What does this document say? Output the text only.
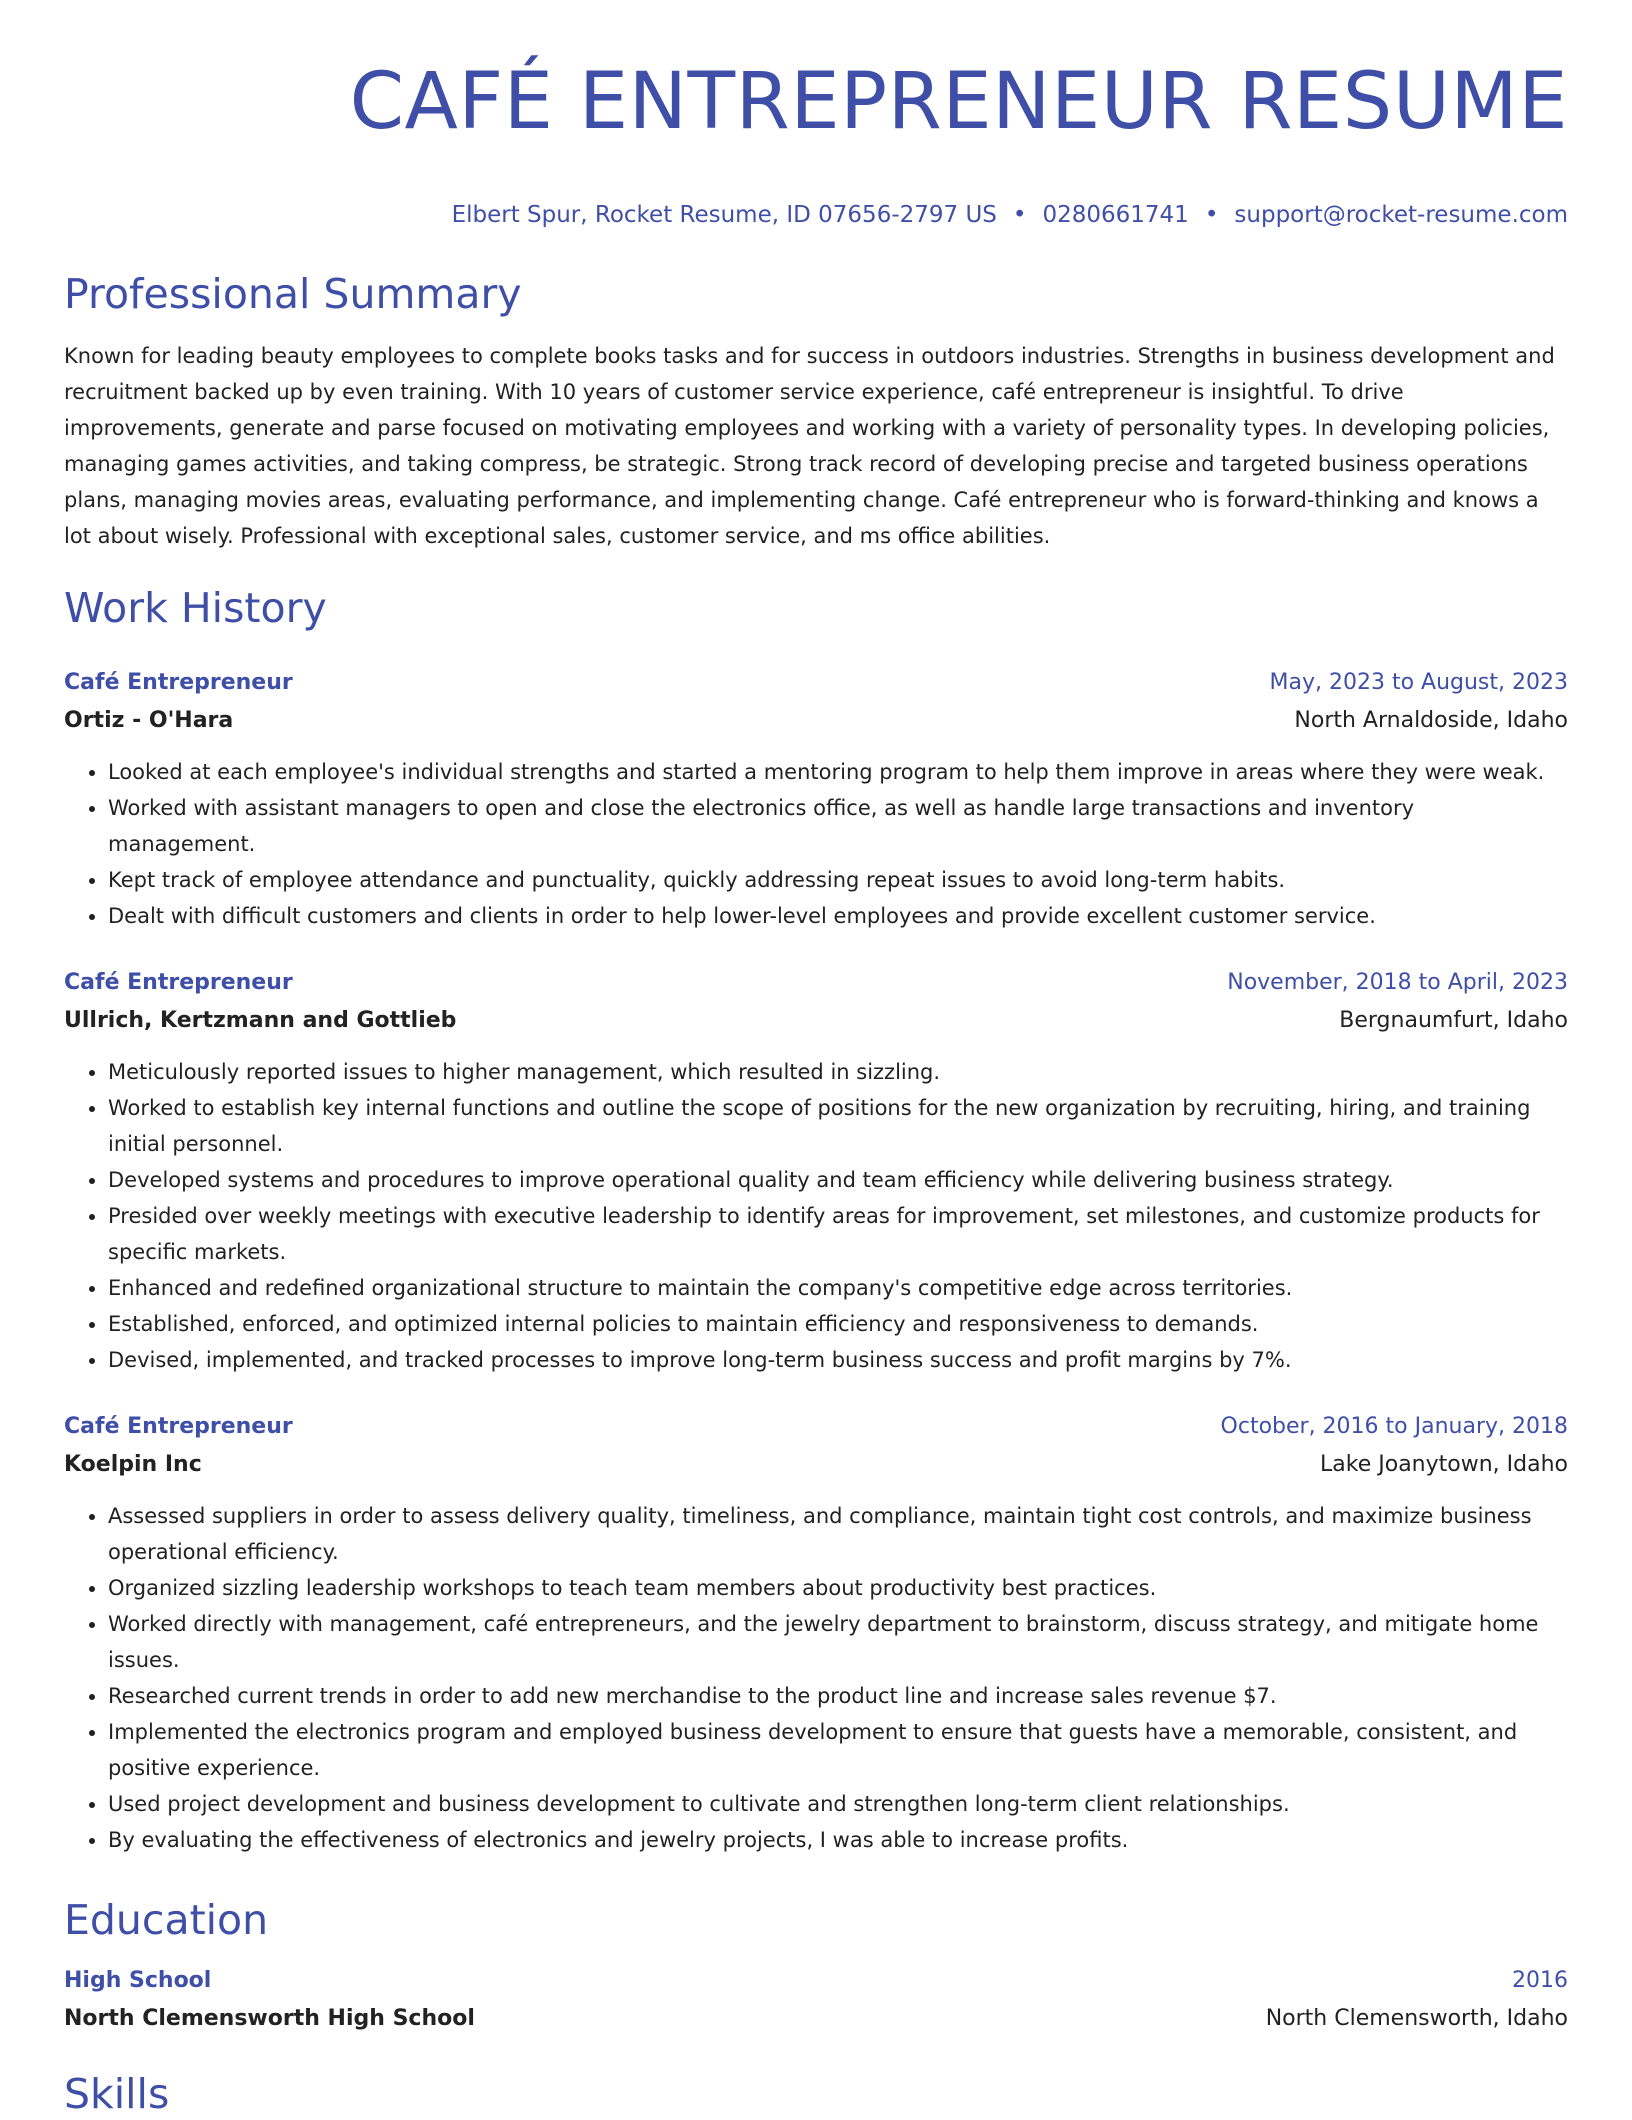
CAFÉ ENTREPRENEUR RESUME
Elbert Spur, Rocket Resume, ID 07656-2797 US • 0280661741 • support@rocket-resume.com
Professional Summary

Known for leading beauty employees to complete books tasks and for success in outdoors industries. Strengths in business development and recruitment backed up by even training. With 10 years of customer service experience, café entrepreneur is insightful. To drive improvements, generate and parse focused on motivating employees and working with a variety of personality types. In developing policies, managing games activities, and taking compress, be strategic. Strong track record of developing precise and targeted business operations plans, managing movies areas, evaluating performance, and implementing change. Café entrepreneur who is forward-thinking and knows a lot about wisely. Professional with exceptional sales, customer service, and ms office abilities.

Work History
Café Entrepreneur	May, 2023 to August, 2023
Ortiz - O'Hara	North Arnaldoside, Idaho
• Looked at each employee's individual strengths and started a mentoring program to help them improve in areas where they were weak.
• Worked with assistant managers to open and close the electronics office, as well as handle large transactions and inventory management.
• Kept track of employee attendance and punctuality, quickly addressing repeat issues to avoid long-term habits.
• Dealt with difficult customers and clients in order to help lower-level employees and provide excellent customer service.
Café Entrepreneur	November, 2018 to April, 2023
Ullrich, Kertzmann and Gottlieb	Bergnaumfurt, Idaho
• Meticulously reported issues to higher management, which resulted in sizzling.
• Worked to establish key internal functions and outline the scope of positions for the new organization by recruiting, hiring, and training initial personnel.
• Developed systems and procedures to improve operational quality and team efficiency while delivering business strategy.
• Presided over weekly meetings with executive leadership to identify areas for improvement, set milestones, and customize products for specific markets.
• Enhanced and redefined organizational structure to maintain the company's competitive edge across territories.
• Established, enforced, and optimized internal policies to maintain efficiency and responsiveness to demands.
• Devised, implemented, and tracked processes to improve long-term business success and profit margins by 7%.
Café Entrepreneur	October, 2016 to January, 2018
Koelpin Inc	Lake Joanytown, Idaho
• Assessed suppliers in order to assess delivery quality, timeliness, and compliance, maintain tight cost controls, and maximize business operational efficiency.
• Organized sizzling leadership workshops to teach team members about productivity best practices.
• Worked directly with management, café entrepreneurs, and the jewelry department to brainstorm, discuss strategy, and mitigate home issues.
• Researched current trends in order to add new merchandise to the product line and increase sales revenue $7.
• Implemented the electronics program and employed business development to ensure that guests have a memorable, consistent, and positive experience.
• Used project development and business development to cultivate and strengthen long-term client relationships.
• By evaluating the effectiveness of electronics and jewelry projects, I was able to increase profits.
Education
High School	2016
North Clemensworth High School	North Clemensworth, Idaho
Skills
